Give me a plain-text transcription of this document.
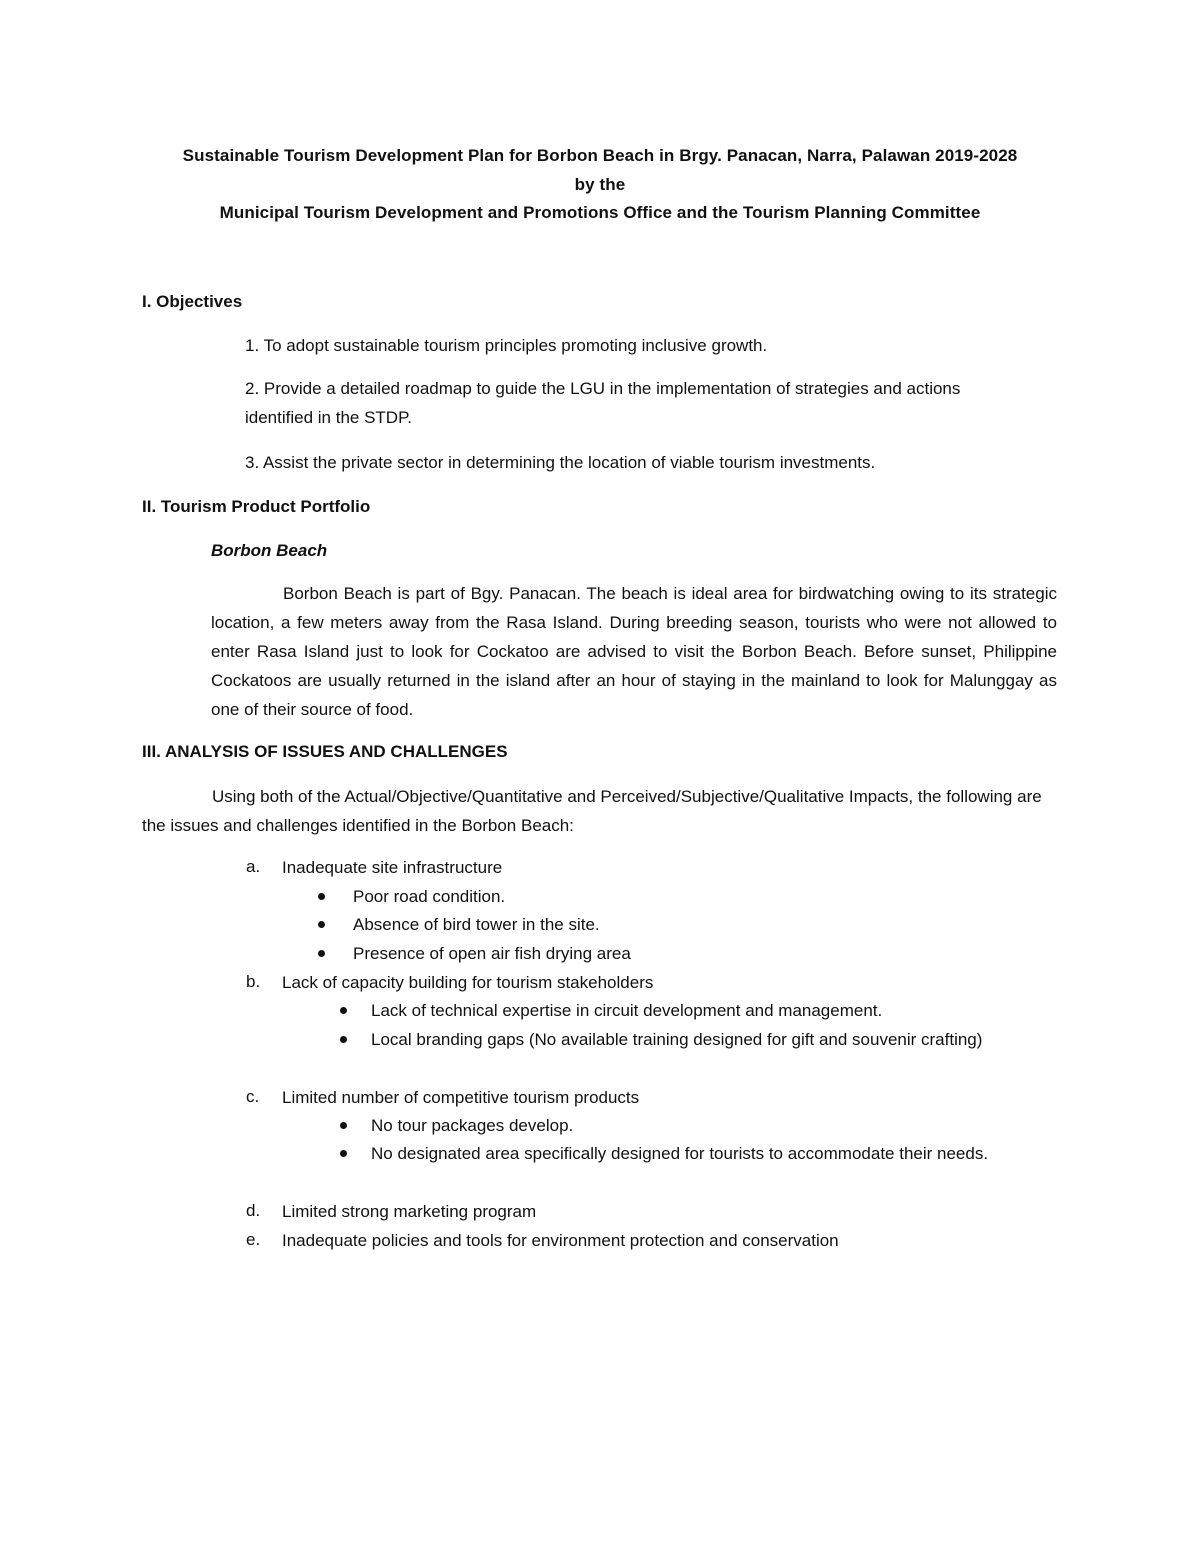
Sustainable Tourism Development Plan for Borbon Beach in Brgy. Panacan, Narra, Palawan 2019-2028
by the
Municipal Tourism Development and Promotions Office and the Tourism Planning Committee
I. Objectives
1. To adopt sustainable tourism principles promoting inclusive growth.
2. Provide a detailed roadmap to guide the LGU in the implementation of strategies and actions identified in the STDP.
3. Assist the private sector in determining the location of viable tourism investments.
II. Tourism Product Portfolio
Borbon Beach
Borbon Beach is part of Bgy. Panacan. The beach is ideal area for birdwatching owing to its strategic location, a few meters away from the Rasa Island. During breeding season, tourists who were not allowed to enter Rasa Island just to look for Cockatoo are advised to visit the Borbon Beach. Before sunset, Philippine Cockatoos are usually returned in the island after an hour of staying in the mainland to look for Malunggay as one of their source of food.
III. ANALYSIS OF ISSUES AND CHALLENGES
Using both of the Actual/Objective/Quantitative and Perceived/Subjective/Qualitative Impacts, the following are the issues and challenges identified in the Borbon Beach:
a. Inadequate site infrastructure
Poor road condition.
Absence of bird tower in the site.
Presence of open air fish drying area
b. Lack of capacity building for tourism stakeholders
Lack of technical expertise in circuit development and management.
Local branding gaps (No available training designed for gift and souvenir crafting)
c. Limited number of competitive tourism products
No tour packages develop.
No designated area specifically designed for tourists to accommodate their needs.
d. Limited strong marketing program
e. Inadequate policies and tools for environment protection and conservation
